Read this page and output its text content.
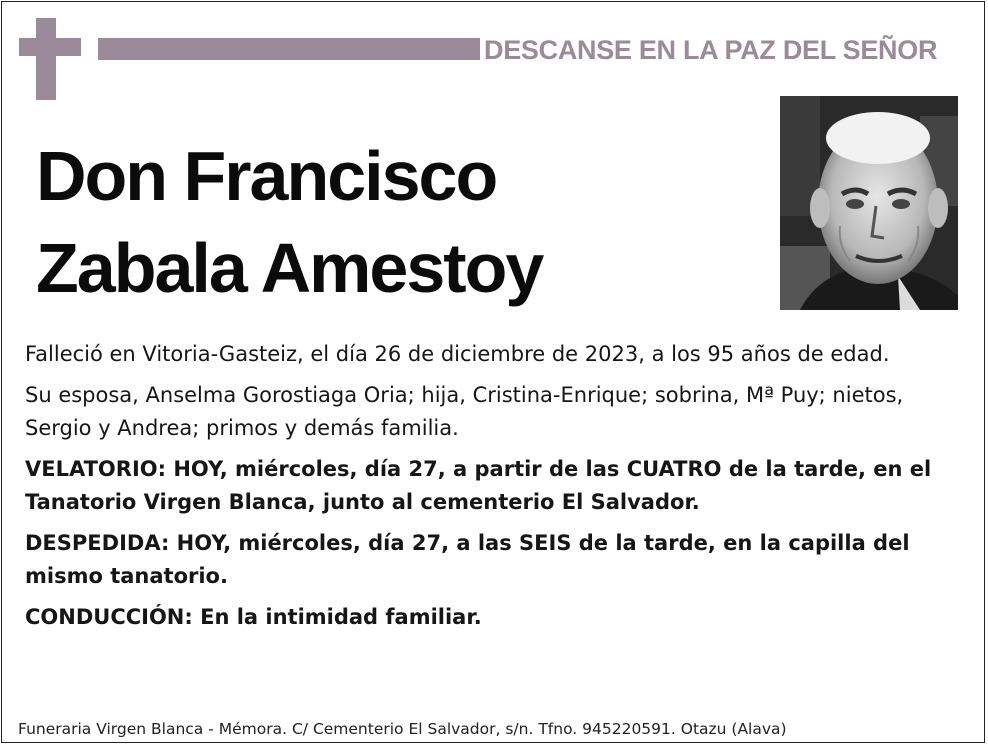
DESCANSE EN LA PAZ DEL SEÑOR
Don Francisco
Zabala Amestoy

Falleció en Vitoria-Gasteiz, el día 26 de diciembre de 2023, a los 95 años de edad.

Su esposa, Anselma Gorostiaga Oria; hija, Cristina-Enrique; sobrina, Mª Puy; nietos, Sergio y Andrea; primos y demás familia.

VELATORIO: HOY, miércoles, día 27, a partir de las CUATRO de la tarde, en el Tanatorio Virgen Blanca, junto al cementerio El Salvador.

DESPEDIDA: HOY, miércoles, día 27, a las SEIS de la tarde, en la capilla del mismo tanatorio.

CONDUCCIÓN: En la intimidad familiar.

Funeraria Virgen Blanca - Mémora. C/ Cementerio El Salvador, s/n. Tfno. 945220591. Otazu (Alava)
